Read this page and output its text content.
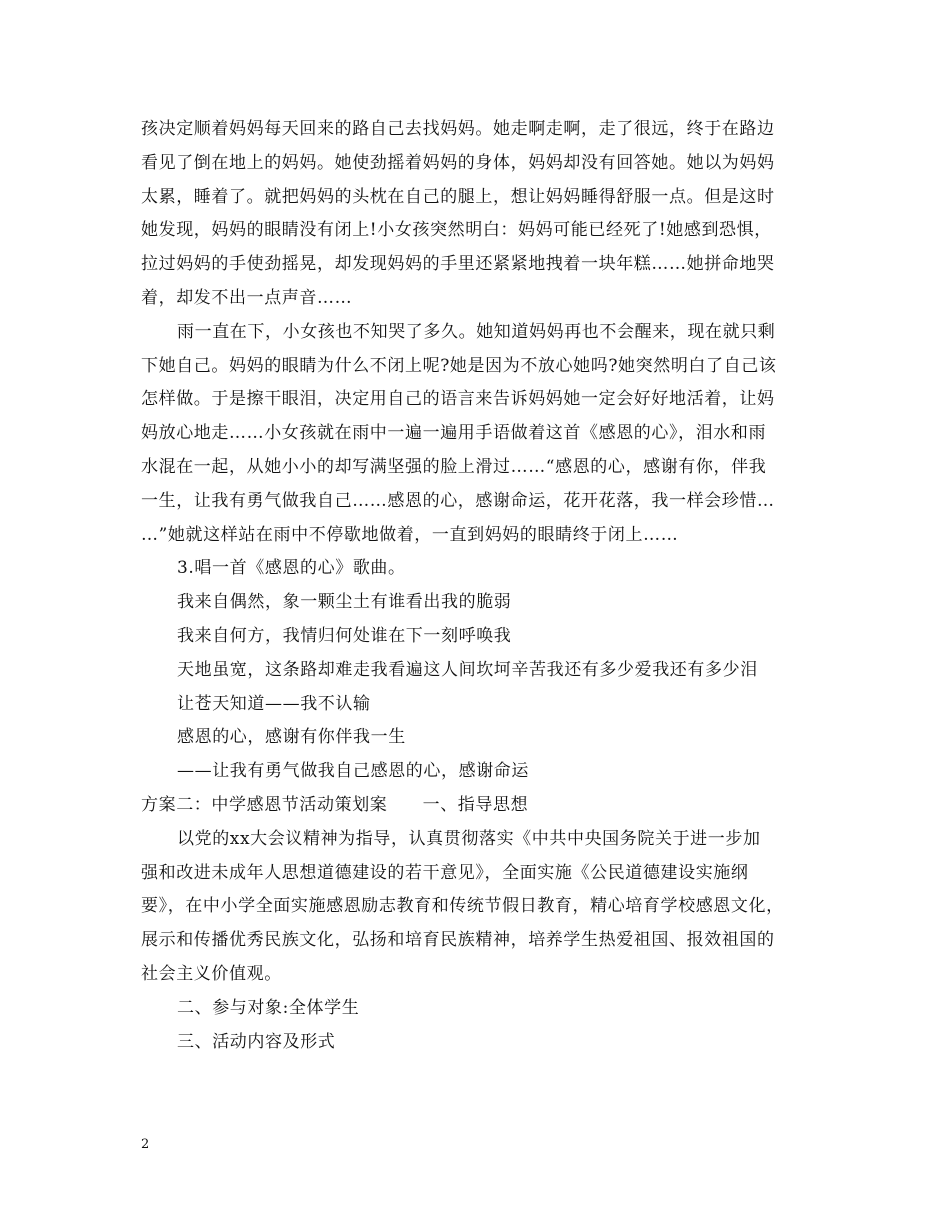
孩决定顺着妈妈每天回来的路自己去找妈妈。她走啊走啊，走了很远，终于在路边
看见了倒在地上的妈妈。她使劲摇着妈妈的身体，妈妈却没有回答她。她以为妈妈
太累，睡着了。就把妈妈的头枕在自己的腿上，想让妈妈睡得舒服一点。但是这时
她发现，妈妈的眼睛没有闭上!小女孩突然明白：妈妈可能已经死了!她感到恐惧，
拉过妈妈的手使劲摇晃，却发现妈妈的手里还紧紧地拽着一块年糕……她拼命地哭
着，却发不出一点声音……
雨一直在下，小女孩也不知哭了多久。她知道妈妈再也不会醒来，现在就只剩
下她自己。妈妈的眼睛为什么不闭上呢?她是因为不放心她吗?她突然明白了自己该
怎样做。于是擦干眼泪，决定用自己的语言来告诉妈妈她一定会好好地活着，让妈
妈放心地走……小女孩就在雨中一遍一遍用手语做着这首《感恩的心》，泪水和雨
水混在一起，从她小小的却写满坚强的脸上滑过……“感恩的心，感谢有你，伴我
一生，让我有勇气做我自己……感恩的心，感谢命运，花开花落，我一样会珍惜…
…”她就这样站在雨中不停歇地做着，一直到妈妈的眼睛终于闭上……
3.唱一首《感恩的心》歌曲。
我来自偶然，象一颗尘土有谁看出我的脆弱
我来自何方，我情归何处谁在下一刻呼唤我
天地虽宽，这条路却难走我看遍这人间坎坷辛苦我还有多少爱我还有多少泪
让苍天知道——我不认输
感恩的心，感谢有你伴我一生
——让我有勇气做我自己感恩的心，感谢命运
方案二：中学感恩节活动策划案　　一、指导思想
以党的xx大会议精神为指导，认真贯彻落实《中共中央国务院关于进一步加
强和改进未成年人思想道德建设的若干意见》，全面实施《公民道德建设实施纲
要》，在中小学全面实施感恩励志教育和传统节假日教育，精心培育学校感恩文化，
展示和传播优秀民族文化，弘扬和培育民族精神，培养学生热爱祖国、报效祖国的
社会主义价值观。
二、参与对象:全体学生
三、活动内容及形式
2
